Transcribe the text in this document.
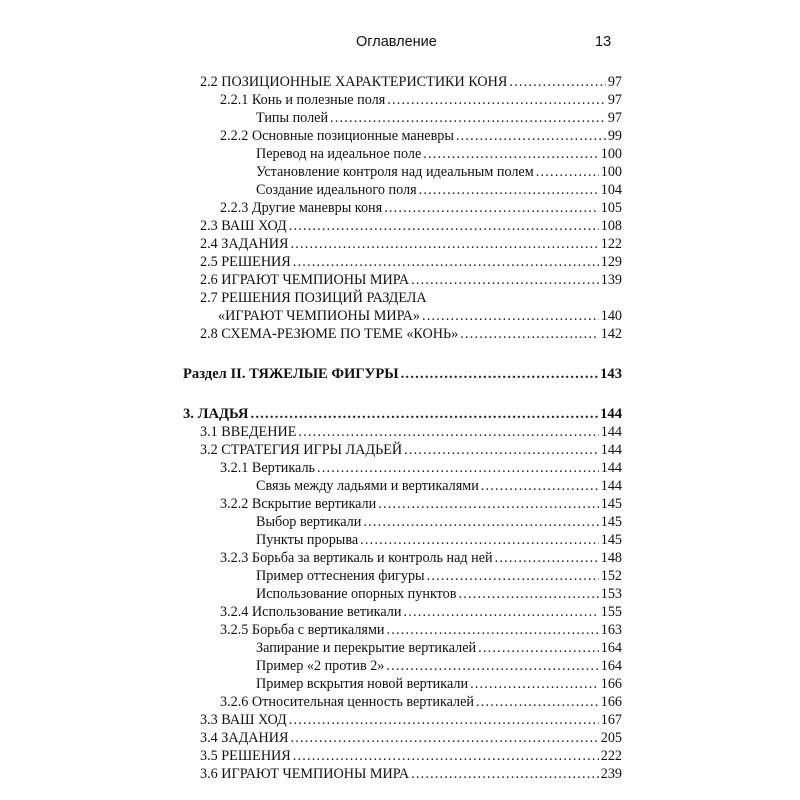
Оглавление	13
2.2 ПОЗИЦИОННЫЕ ХАРАКТЕРИСТИКИ КОНЯ .....	97
2.2.1 Конь и полезные поля .....	97
Типы полей .....	97
2.2.2 Основные позиционные маневры .....	99
Перевод на идеальное поле .....	100
Установление контроля над идеальным полем .....	100
Создание идеального поля .....	104
2.2.3 Другие маневры коня .....	105
2.3 ВАШ ХОД .....	108
2.4 ЗАДАНИЯ .....	122
2.5 РЕШЕНИЯ .....	129
2.6 ИГРАЮТ ЧЕМПИОНЫ МИРА .....	139
2.7 РЕШЕНИЯ ПОЗИЦИЙ РАЗДЕЛА
«ИГРАЮТ ЧЕМПИОНЫ МИРА» .....	140
2.8 СХЕМА-РЕЗЮМЕ ПО ТЕМЕ «КОНЬ» .....	142
Раздел II. ТЯЖЕЛЫЕ ФИГУРЫ .....	143
3. ЛАДЬЯ .....	144
3.1 ВВЕДЕНИЕ .....	144
3.2 СТРАТЕГИЯ ИГРЫ ЛАДЬЕЙ .....	144
3.2.1 Вертикаль .....	144
Связь между ладьями и вертикалями .....	144
3.2.2 Вскрытие вертикали .....	145
Выбор вертикали .....	145
Пункты прорыва .....	145
3.2.3 Борьба за вертикаль и контроль над ней .....	148
Пример оттеснения фигуры .....	152
Использование опорных пунктов .....	153
3.2.4 Использование ветикали .....	155
3.2.5 Борьба с вертикалями .....	163
Запирание и перекрытие вертикалей .....	164
Пример «2 против 2» .....	164
Пример вскрытия новой вертикали .....	166
3.2.6 Относительная ценность вертикалей .....	166
3.3 ВАШ ХОД .....	167
3.4 ЗАДАНИЯ .....	205
3.5 РЕШЕНИЯ .....	222
3.6 ИГРАЮТ ЧЕМПИОНЫ МИРА .....	239
